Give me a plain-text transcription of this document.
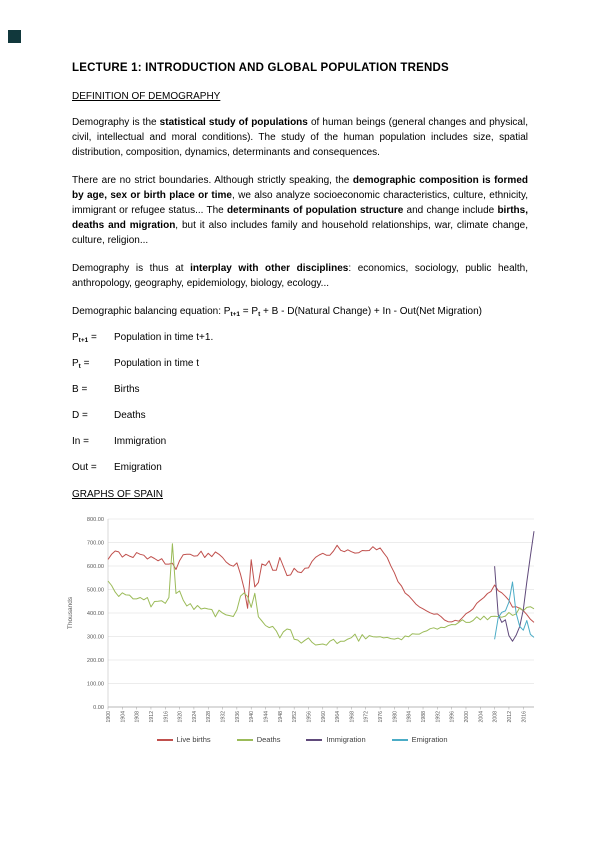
LECTURE 1: INTRODUCTION AND GLOBAL POPULATION TRENDS
DEFINITION OF DEMOGRAPHY

Demography is the statistical study of populations of human beings (general changes and physical, civil, intellectual and moral conditions). The study of the human population includes size, spatial distribution, composition, dynamics, determinants and consequences.

There are no strict boundaries. Although strictly speaking, the demographic composition is formed by age, sex or birth place or time, we also analyze socioeconomic characteristics, culture, ethnicity, immigrant or refugee status... The determinants of population structure and change include births, deaths and migration, but it also includes family and household relationships, war, climate change, culture, religion...

Demography is thus at interplay with other disciplines: economics, sociology, public health, anthropology, geography, epidemiology, biology, ecology...

Demographic balancing equation: $P_{t+1} = P_t + B$ - D(Natural Change) + In - Out(Net Migration)

$P_{t+1}$ = Population in time t+1.
$P_t$ = Population in time t
B =	Births
D =	Deaths
In =	Immigration
Out = Emigration
GRAPHS OF SPAIN
0.00
100.00
200.00
300.00
400.00
500.00
600.00
700.00
800.00
1900 1904 1908 1912 1916 1920 1924 1928 1932 1936 1940 1944 1948 1952 1956 1960 1964 1968 1972 1976 1980 1984 1988 1992 1996 2000 2004 2008 2012 2016
Thousands
Live births	Deaths	Immigration	Emigration
